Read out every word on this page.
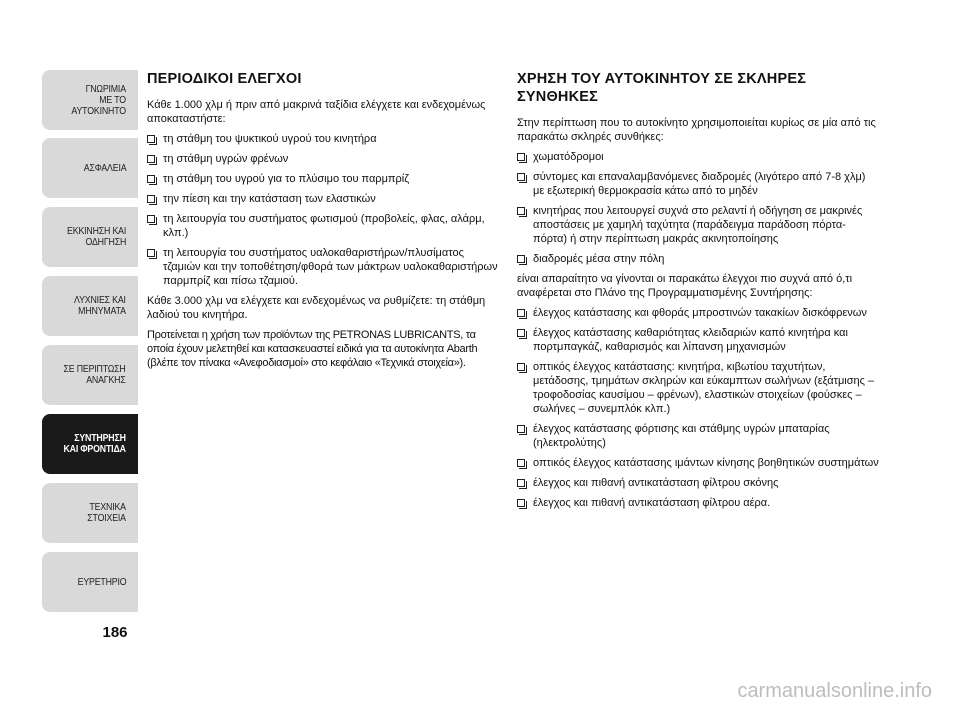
ΓΝΩΡΙΜΙΑ
ΜΕ ΤΟ
ΑΥΤΟΚΙΝΗΤΟ
ΑΣΦΑΛΕΙΑ
ΕΚΚΙΝΗΣΗ ΚΑΙ
ΟΔΗΓΗΣΗ
ΛΥΧΝΙΕΣ ΚΑΙ
ΜΗΝΥΜΑΤΑ
ΣΕ ΠΕΡΙΠΤΩΣΗ
ΑΝΑΓΚΗΣ
ΣΥΝΤΗΡΗΣΗ
ΚΑΙ ΦΡΟΝΤΙΔΑ
ΤΕΧΝΙΚΑ
ΣΤΟΙΧΕΙΑ
ΕΥΡΕΤΗΡΙΟ
186
ΠΕΡΙΟΔΙΚΟΙ ΕΛΕΓΧΟΙ

Κάθε 1.000 χλμ ή πριν από μακρινά ταξίδια ελέγχετε και ενδεχομένως αποκαταστήστε:

τη στάθμη του ψυκτικού υγρού του κινητήρα
τη στάθμη υγρών φρένων
τη στάθμη του υγρού για το πλύσιμο του παρμπρίζ
την πίεση και την κατάσταση των ελαστικών
τη λειτουργία του συστήματος φωτισμού (προβολείς, φλας, αλάρμ, κλπ.)
τη λειτουργία του συστήματος υαλοκαθαριστήρων/πλυσίματος τζαμιών και την τοποθέτηση/φθορά των μάκτρων υαλοκαθαριστήρων παρμπρίζ και πίσω τζαμιού.

Κάθε 3.000 χλμ να ελέγχετε και ενδεχομένως να ρυθμίζετε: τη στάθμη λαδιού του κινητήρα.

Προτείνεται η χρήση των προϊόντων της PETRONAS LUBRICANTS, τα οποία έχουν μελετηθεί και κατασκευαστεί ειδικά για τα αυτοκίνητα Abarth (βλέπε τον πίνακα «Ανεφοδιασμοί» στο κεφάλαιο «Τεχνικά στοιχεία»).

ΧΡΗΣΗ ΤΟΥ ΑΥΤΟΚΙΝΗΤΟΥ ΣΕ ΣΚΛΗΡΕΣ ΣΥΝΘΗΚΕΣ

Στην περίπτωση που το αυτοκίνητο χρησιμοποιείται κυρίως σε μία από τις παρακάτω σκληρές συνθήκες:

χωματόδρομοι
σύντομες και επαναλαμβανόμενες διαδρομές (λιγότερο από 7-8 χλμ) με εξωτερική θερμοκρασία κάτω από το μηδέν
κινητήρας που λειτουργεί συχνά στο ρελαντί ή οδήγηση σε μακρινές αποστάσεις με χαμηλή ταχύτητα (παράδειγμα παράδοση πόρτα-πόρτα) ή στην περίπτωση μακράς ακινητοποίησης
διαδρομές μέσα στην πόλη

είναι απαραίτητο να γίνονται οι παρακάτω έλεγχοι πιο συχνά από ό,τι αναφέρεται στο Πλάνο της Προγραμματισμένης Συντήρησης:

έλεγχος κατάστασης και φθοράς μπροστινών τακακίων δισκόφρενων
έλεγχος κατάστασης καθαριότητας κλειδαριών καπό κινητήρα και πορτμπαγκάζ, καθαρισμός και λίπανση μηχανισμών
οπτικός έλεγχος κατάστασης: κινητήρα, κιβωτίου ταχυτήτων, μετάδοσης, τμημάτων σκληρών και εύκαμπτων σωλήνων (εξάτμισης – τροφοδοσίας καυσίμου – φρένων), ελαστικών στοιχείων (φούσκες – σωλήνες – συνεμπλόκ κλπ.)
έλεγχος κατάστασης φόρτισης και στάθμης υγρών μπαταρίας (ηλεκτρολύτης)
οπτικός έλεγχος κατάστασης ιμάντων κίνησης βοηθητικών συστημάτων
έλεγχος και πιθανή αντικατάσταση φίλτρου σκόνης
έλεγχος και πιθανή αντικατάσταση φίλτρου αέρα.
carmanualsonline.info
